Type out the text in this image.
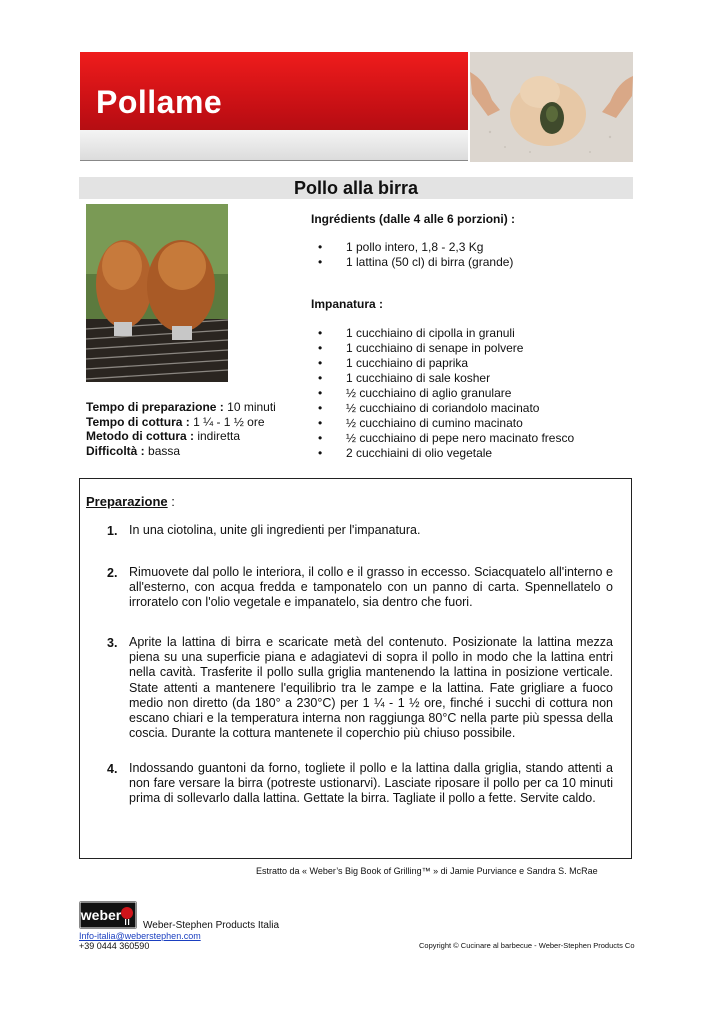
Pollame
Pollo alla birra
Tempo di preparazione : 10 minuti
Tempo di cottura : 1 ¼ - 1 ½ ore
Metodo di cottura : indiretta
Difficoltà : bassa
Ingrédients (dalle 4 alle 6 porzioni) :
• 1 pollo intero, 1,8 - 2,3 Kg
• 1 lattina (50 cl) di birra (grande)
Impanatura :
• 1 cucchiaino di cipolla in granuli
• 1 cucchiaino di senape in polvere
• 1 cucchiaino di paprika
• 1 cucchiaino di sale kosher
• ½ cucchiaino di aglio granulare
• ½ cucchiaino di coriandolo macinato
• ½ cucchiaino di cumino macinato
• ½ cucchiaino di pepe nero macinato fresco
• 2 cucchiaini di olio vegetale
Preparazione :
1. In una ciotolina, unite gli ingredienti per l'impanatura.
2. Rimuovete dal pollo le interiora, il collo e il grasso in eccesso. Sciacquatelo all'interno e all'esterno, con acqua fredda e tamponatelo con un panno di carta. Spennellatelo o irroratelo con l'olio vegetale e impanatelo, sia dentro che fuori.
3. Aprite la lattina di birra e scaricate metà del contenuto. Posizionate la lattina mezza piena su una superficie piana e adagiatevi di sopra il pollo in modo che la lattina entri nella cavità. Trasferite il pollo sulla griglia mantenendo la lattina in posizione verticale. State attenti a mantenere l'equilibrio tra le zampe e la lattina. Fate grigliare a fuoco medio non diretto (da 180° a 230°C) per 1 ¼ - 1 ½ ore, finché i succhi di cottura non escano chiari e la temperatura interna non raggiunga 80°C nella parte più spessa della coscia. Durante la cottura mantenete il coperchio più chiuso possibile.
4. Indossando guantoni da forno, togliete il pollo e la lattina dalla griglia, stando attenti a non fare versare la birra (potreste ustionarvi). Lasciate riposare il pollo per ca 10 minuti prima di sollevarlo dalla lattina. Gettate la birra. Tagliate il pollo a fette. Servite caldo.
Estratto da « Weber’s Big Book of Grilling™ » di Jamie Purviance e Sandra S. McRae
weber
Weber-Stephen Products Italia
Info-italia@weberstephen.com
+39 0444 360590	Copyright © Cucinare al barbecue - Weber-Stephen Products Co
